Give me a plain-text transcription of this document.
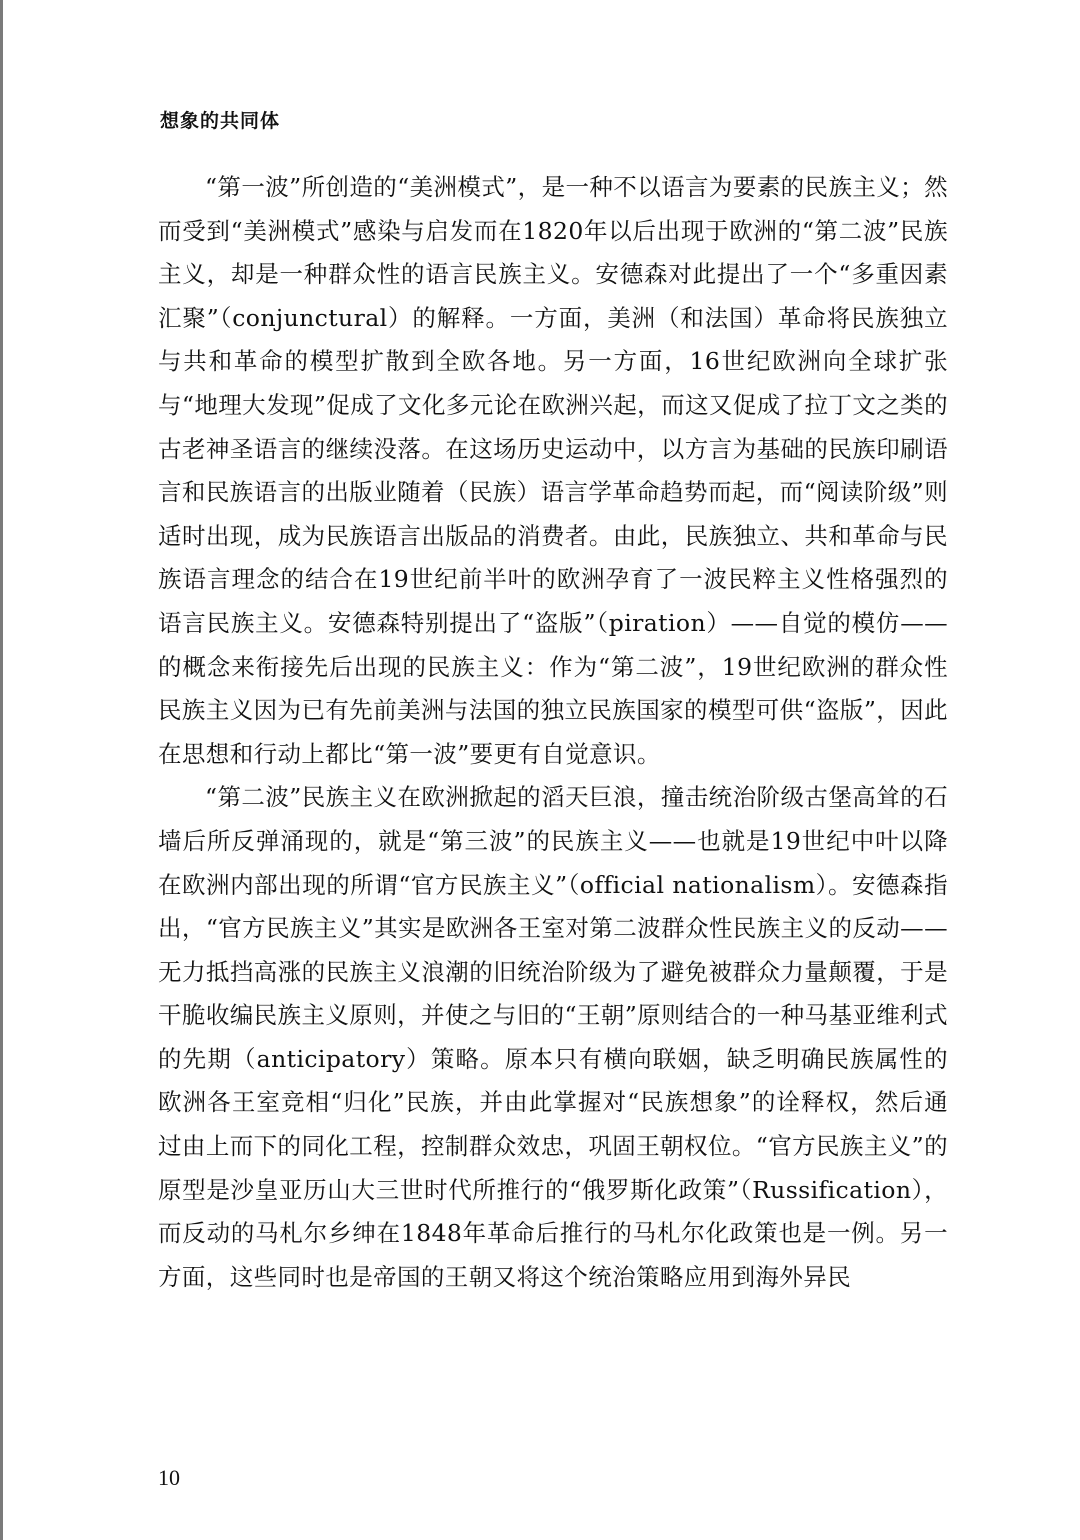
想象的共同体

“第一波”所创造的“美洲模式”，是一种不以语言为要素的民族主义；然而受到“美洲模式”感染与启发而在1820年以后出现于欧洲的“第二波”民族主义，却是一种群众性的语言民族主义。安德森对此提出了一个“多重因素汇聚”（conjunctural）的解释。一方面，美洲（和法国）革命将民族独立与共和革命的模型扩散到全欧各地。另一方面，16世纪欧洲向全球扩张与“地理大发现”促成了文化多元论在欧洲兴起，而这又促成了拉丁文之类的古老神圣语言的继续没落。在这场历史运动中，以方言为基础的民族印刷语言和民族语言的出版业随着（民族）语言学革命趋势而起，而“阅读阶级”则适时出现，成为民族语言出版品的消费者。由此，民族独立、共和革命与民族语言理念的结合在19世纪前半叶的欧洲孕育了一波民粹主义性格强烈的语言民族主义。安德森特别提出了“盗版”（piration）——自觉的模仿——的概念来衔接先后出现的民族主义：作为“第二波”，19世纪欧洲的群众性民族主义因为已有先前美洲与法国的独立民族国家的模型可供“盗版”，因此在思想和行动上都比“第一波”要更有自觉意识。

“第二波”民族主义在欧洲掀起的滔天巨浪，撞击统治阶级古堡高耸的石墙后所反弹涌现的，就是“第三波”的民族主义——也就是19世纪中叶以降在欧洲内部出现的所谓“官方民族主义”（official nationalism）。安德森指出，“官方民族主义”其实是欧洲各王室对第二波群众性民族主义的反动——无力抵挡高涨的民族主义浪潮的旧统治阶级为了避免被群众力量颠覆，于是干脆收编民族主义原则，并使之与旧的“王朝”原则结合的一种马基亚维利式的先期（anticipatory）策略。原本只有横向联姻，缺乏明确民族属性的欧洲各王室竞相“归化”民族，并由此掌握对“民族想象”的诠释权，然后通过由上而下的同化工程，控制群众效忠，巩固王朝权位。“官方民族主义”的原型是沙皇亚历山大三世时代所推行的“俄罗斯化政策”（Russification），而反动的马札尔乡绅在1848年革命后推行的马札尔化政策也是一例。另一方面，这些同时也是帝国的王朝又将这个统治策略应用到海外异民

10
